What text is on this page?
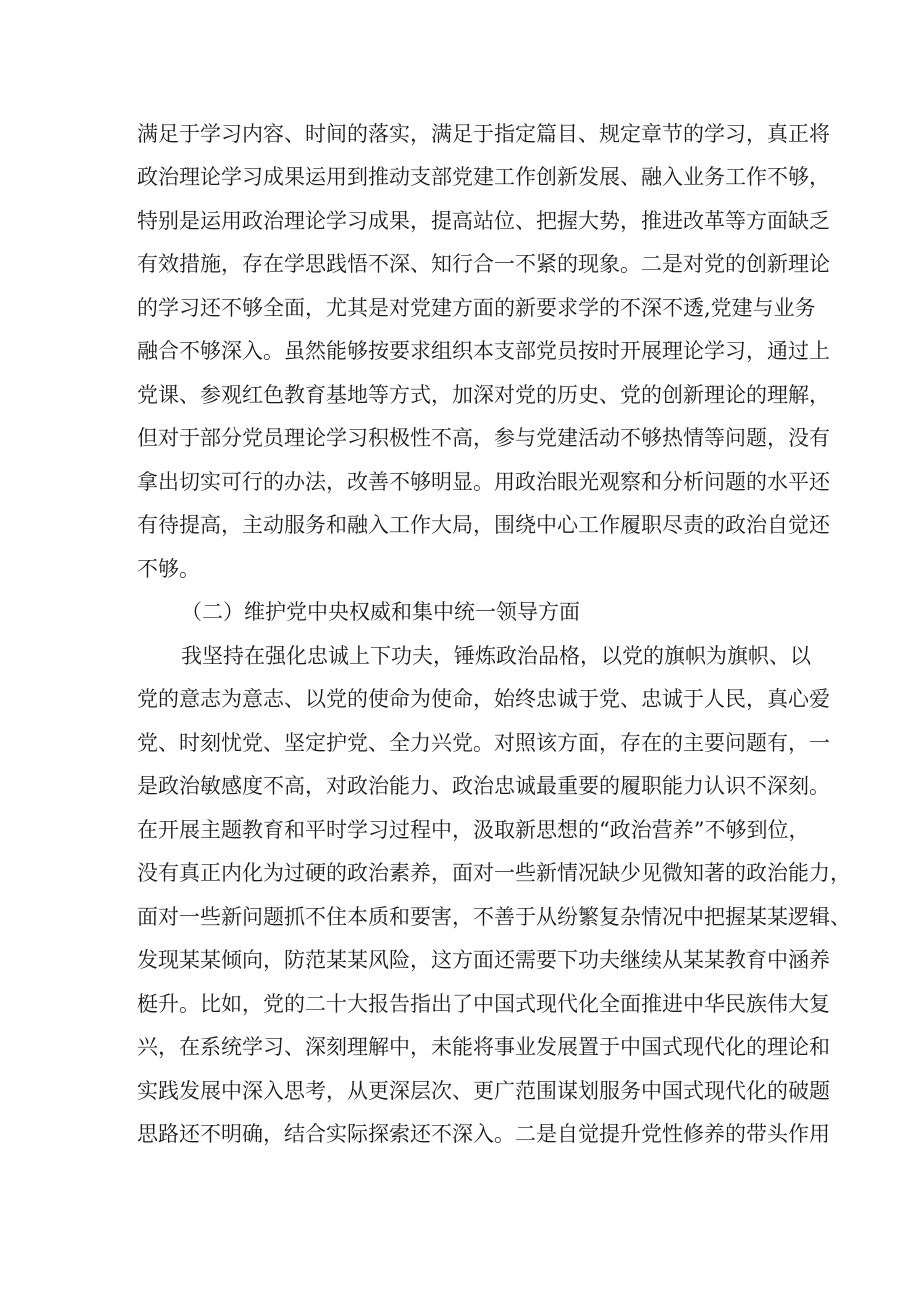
满足于学习内容、时间的落实，满足于指定篇目、规定章节的学习，真正将
政治理论学习成果运用到推动支部党建工作创新发展、融入业务工作不够，
特别是运用政治理论学习成果，提高站位、把握大势，推进改革等方面缺乏
有效措施，存在学思践悟不深、知行合一不紧的现象。二是对党的创新理论
的学习还不够全面，尤其是对党建方面的新要求学的不深不透,党建与业务
融合不够深入。虽然能够按要求组织本支部党员按时开展理论学习，通过上
党课、参观红色教育基地等方式，加深对党的历史、党的创新理论的理解，
但对于部分党员理论学习积极性不高，参与党建活动不够热情等问题，没有
拿出切实可行的办法，改善不够明显。用政治眼光观察和分析问题的水平还
有待提高，主动服务和融入工作大局，围绕中心工作履职尽责的政治自觉还
不够。
（二）维护党中央权威和集中统一领导方面
我坚持在强化忠诚上下功夫，锤炼政治品格，以党的旗帜为旗帜、以
党的意志为意志、以党的使命为使命，始终忠诚于党、忠诚于人民，真心爱
党、时刻忧党、坚定护党、全力兴党。对照该方面，存在的主要问题有，一
是政治敏感度不高，对政治能力、政治忠诚最重要的履职能力认识不深刻。
在开展主题教育和平时学习过程中，汲取新思想的“政治营养”不够到位，
没有真正内化为过硬的政治素养，面对一些新情况缺少见微知著的政治能力，
面对一些新问题抓不住本质和要害，不善于从纷繁复杂情况中把握某某逻辑、
发现某某倾向，防范某某风险，这方面还需要下功夫继续从某某教育中涵养
梃升。比如，党的二十大报告指出了中国式现代化全面推进中华民族伟大复
兴，在系统学习、深刻理解中，未能将事业发展置于中国式现代化的理论和
实践发展中深入思考，从更深层次、更广范围谋划服务中国式现代化的破题
思路还不明确，结合实际探索还不深入。二是自觉提升党性修养的带头作用
